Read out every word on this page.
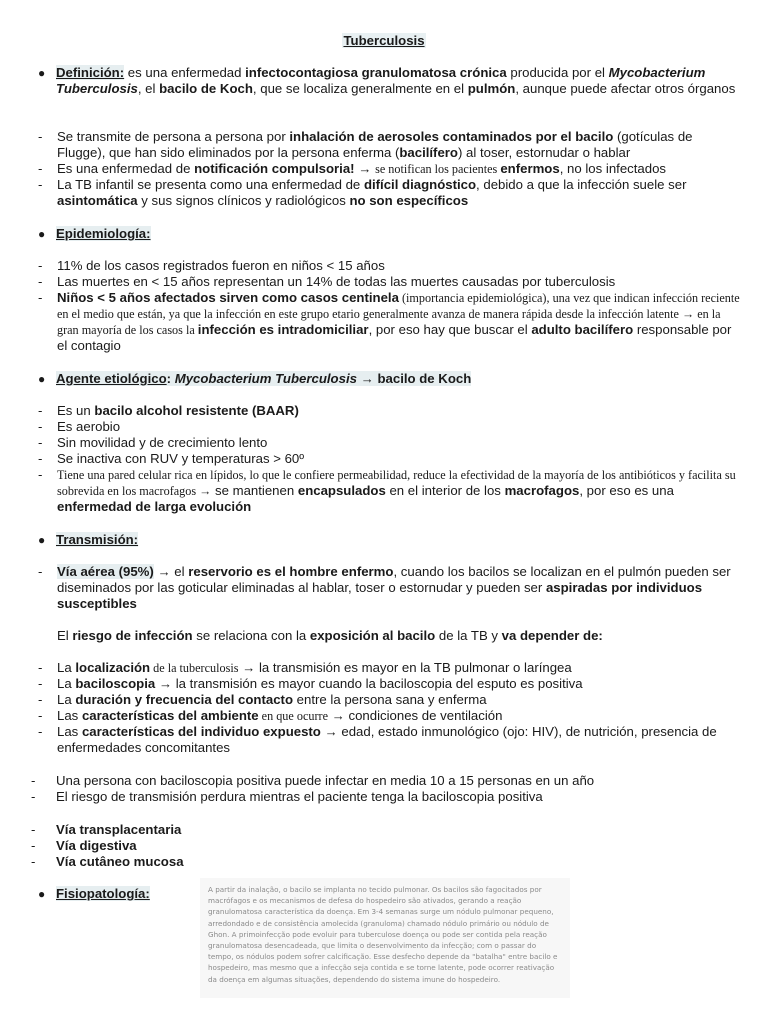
Tuberculosis
● Definición: es una enfermedad infectocontagiosa granulomatosa crónica producida por el Mycobacterium Tuberculosis, el bacilo de Koch, que se localiza generalmente en el pulmón, aunque puede afectar otros órganos
- Se transmite de persona a persona por inhalación de aerosoles contaminados por el bacilo (gotículas de Flugge), que han sido eliminados por la persona enferma (bacilífero) al toser, estornudar o hablar
- Es una enfermedad de notificación compulsoria! → se notifican los pacientes enfermos, no los infectados
- La TB infantil se presenta como una enfermedad de difícil diagnóstico, debido a que la infección suele ser asintomática y sus signos clínicos y radiológicos no son específicos
● Epidemiología:
- 11% de los casos registrados fueron en niños < 15 años
- Las muertes en < 15 años representan un 14% de todas las muertes causadas por tuberculosis
- Niños < 5 años afectados sirven como casos centinela (importancia epidemiológica), una vez que indican infección reciente en el medio que están, ya que la infección en este grupo etario generalmente avanza de manera rápida desde la infección latente → en la gran mayoría de los casos la infección es intradomiciliar, por eso hay que buscar el adulto bacilífero responsable por el contagio
● Agente etiológico: Mycobacterium Tuberculosis → bacilo de Koch
- Es un bacilo alcohol resistente (BAAR)
- Es aerobio
- Sin movilidad y de crecimiento lento
- Se inactiva con RUV y temperaturas > 60º
- Tiene una pared celular rica en lípidos, lo que le confiere permeabilidad, reduce la efectividad de la mayoría de los antibióticos y facilita su sobrevida en los macrofagos → se mantienen encapsulados en el interior de los macrofagos, por eso es una enfermedad de larga evolución
● Transmisión:
- Vía aérea (95%) → el reservorio es el hombre enfermo, cuando los bacilos se localizan en el pulmón pueden ser diseminados por las goticular eliminadas al hablar, toser o estornudar y pueden ser aspiradas por individuos susceptibles
El riesgo de infección se relaciona con la exposición al bacilo de la TB y va depender de:
- La localización de la tuberculosis → la transmisión es mayor en la TB pulmonar o laríngea
- La baciloscopia → la transmisión es mayor cuando la baciloscopia del esputo es positiva
- La duración y frecuencia del contacto entre la persona sana y enferma
- Las características del ambiente en que ocurre → condiciones de ventilación
- Las características del individuo expuesto → edad, estado inmunológico (ojo: HIV), de nutrición, presencia de enfermedades concomitantes
- Una persona con baciloscopia positiva puede infectar en media 10 a 15 personas en un año
- El riesgo de transmisión perdura mientras el paciente tenga la baciloscopia positiva
- Vía transplacentaria
- Vía digestiva
- Vía cutâneo mucosa
● Fisiopatología:	A partir da inalação, o bacilo se implanta no tecido pulmonar. Os bacilos são fagocitados por macrófagos e os mecanismos de defesa do hospedeiro são ativados, gerando a reação granulomatosa característica da doença. Em 3-4 semanas surge um nódulo pulmonar pequeno, arredondado e de consistência amolecida (granuloma) chamado nódulo primário ou nódulo de Ghon. A primoinfecção pode evoluir para tuberculose doença ou pode ser contida pela reação granulomatosa desencadeada, que limita o desenvolvimento da infecção; com o passar do tempo, os nódulos podem sofrer calcificação. Esse desfecho depende da "batalha" entre bacilo e hospedeiro, mas mesmo que a infecção seja contida e se torne latente, pode ocorrer reativação da doença em algumas situações, dependendo do sistema imune do hospedeiro.
